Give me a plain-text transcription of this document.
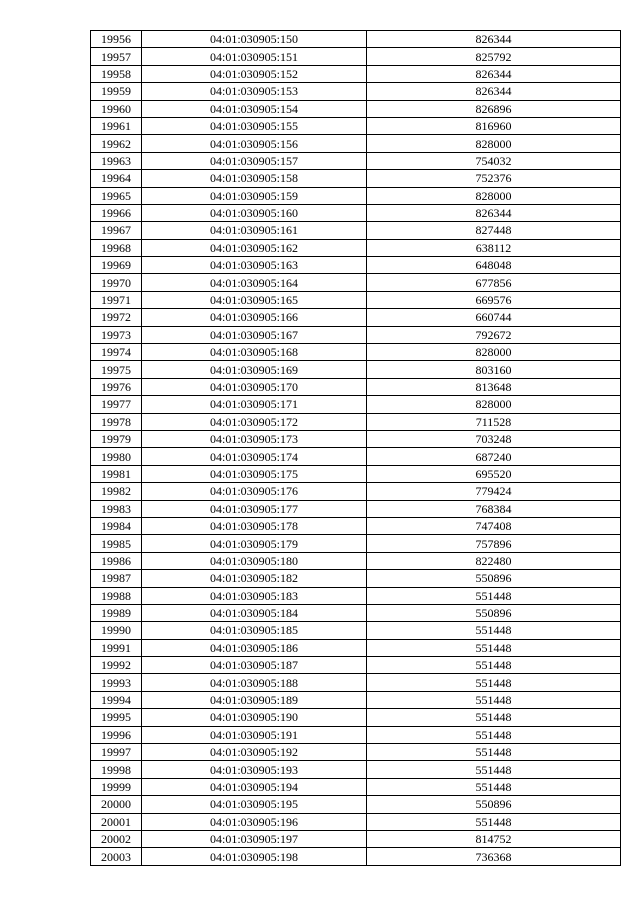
19956	04:01:030905:150	826344
19957	04:01:030905:151	825792
19958	04:01:030905:152	826344
19959	04:01:030905:153	826344
19960	04:01:030905:154	826896
19961	04:01:030905:155	816960
19962	04:01:030905:156	828000
19963	04:01:030905:157	754032
19964	04:01:030905:158	752376
19965	04:01:030905:159	828000
19966	04:01:030905:160	826344
19967	04:01:030905:161	827448
19968	04:01:030905:162	638112
19969	04:01:030905:163	648048
19970	04:01:030905:164	677856
19971	04:01:030905:165	669576
19972	04:01:030905:166	660744
19973	04:01:030905:167	792672
19974	04:01:030905:168	828000
19975	04:01:030905:169	803160
19976	04:01:030905:170	813648
19977	04:01:030905:171	828000
19978	04:01:030905:172	711528
19979	04:01:030905:173	703248
19980	04:01:030905:174	687240
19981	04:01:030905:175	695520
19982	04:01:030905:176	779424
19983	04:01:030905:177	768384
19984	04:01:030905:178	747408
19985	04:01:030905:179	757896
19986	04:01:030905:180	822480
19987	04:01:030905:182	550896
19988	04:01:030905:183	551448
19989	04:01:030905:184	550896
19990	04:01:030905:185	551448
19991	04:01:030905:186	551448
19992	04:01:030905:187	551448
19993	04:01:030905:188	551448
19994	04:01:030905:189	551448
19995	04:01:030905:190	551448
19996	04:01:030905:191	551448
19997	04:01:030905:192	551448
19998	04:01:030905:193	551448
19999	04:01:030905:194	551448
20000	04:01:030905:195	550896
20001	04:01:030905:196	551448
20002	04:01:030905:197	814752
20003	04:01:030905:198	736368
